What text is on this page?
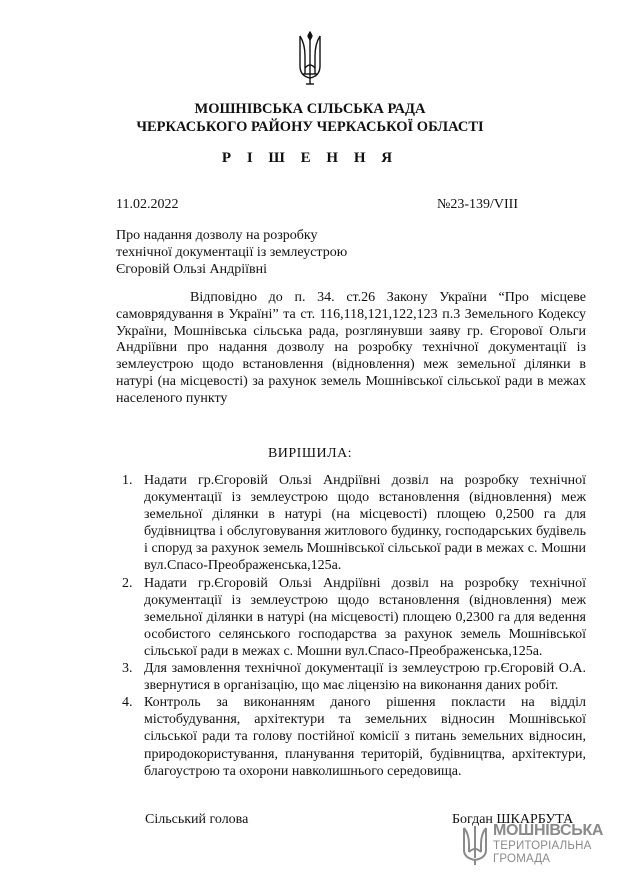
МОШНІВСЬКА СІЛЬСЬКА РАДА
ЧЕРКАСЬКОГО РАЙОНУ ЧЕРКАСЬКОЇ ОБЛАСТІ
Р І Ш Е Н Н Я
11.02.2022	№23-139/VIII
Про надання дозволу на розробку
технічної документації із землеустрою
Єгоровій Ользі Андріївні
Відповідно до п. 34. ст.26 Закону України “Про місцеве самоврядування в Україні” та ст. 116,118,121,122,123 п.3 Земельного Кодексу України, Мошнівська сільська рада, розглянувши заяву гр. Єгорової Ольги Андріївни про надання дозволу на розробку технічної документації із землеустрою щодо встановлення (відновлення) меж земельної ділянки в натурі (на місцевості) за рахунок земель Мошнівської сільської ради в межах населеного пункту
ВИРІШИЛА:
1. Надати гр.Єгоровій Ользі Андріївні дозвіл на розробку технічної документації із землеустрою щодо встановлення (відновлення) меж земельної ділянки в натурі (на місцевості) площею 0,2500 га для будівництва і обслуговування житлового будинку, господарських будівель і споруд за рахунок земель Мошнівської сільської ради в межах с. Мошни вул.Спасо-Преображенська,125а.
2. Надати гр.Єгоровій Ользі Андріївні дозвіл на розробку технічної документації із землеустрою щодо встановлення (відновлення) меж земельної ділянки в натурі (на місцевості) площею 0,2300 га для ведення особистого селянського господарства за рахунок земель Мошнівської сільської ради в межах с. Мошни вул.Спасо-Преображенська,125а.
3. Для замовлення технічної документації із землеустрою гр.Єгоровій О.А. звернутися в організацію, що має ліцензію на виконання даних робіт.
4. Контроль за виконанням даного рішення покласти на відділ містобудування, архітектури та земельних відносин Мошнівської сільської ради та голову постійної комісії з питань земельних відносин, природокористування, планування територій, будівництва, архітектури, благоустрою та охорони навколишнього середовища.
Сільський голова	Богдан ШКАРБУТА
МОШНІВСЬКА
ТЕРИТОРІАЛЬНА
ГРОМАДА
